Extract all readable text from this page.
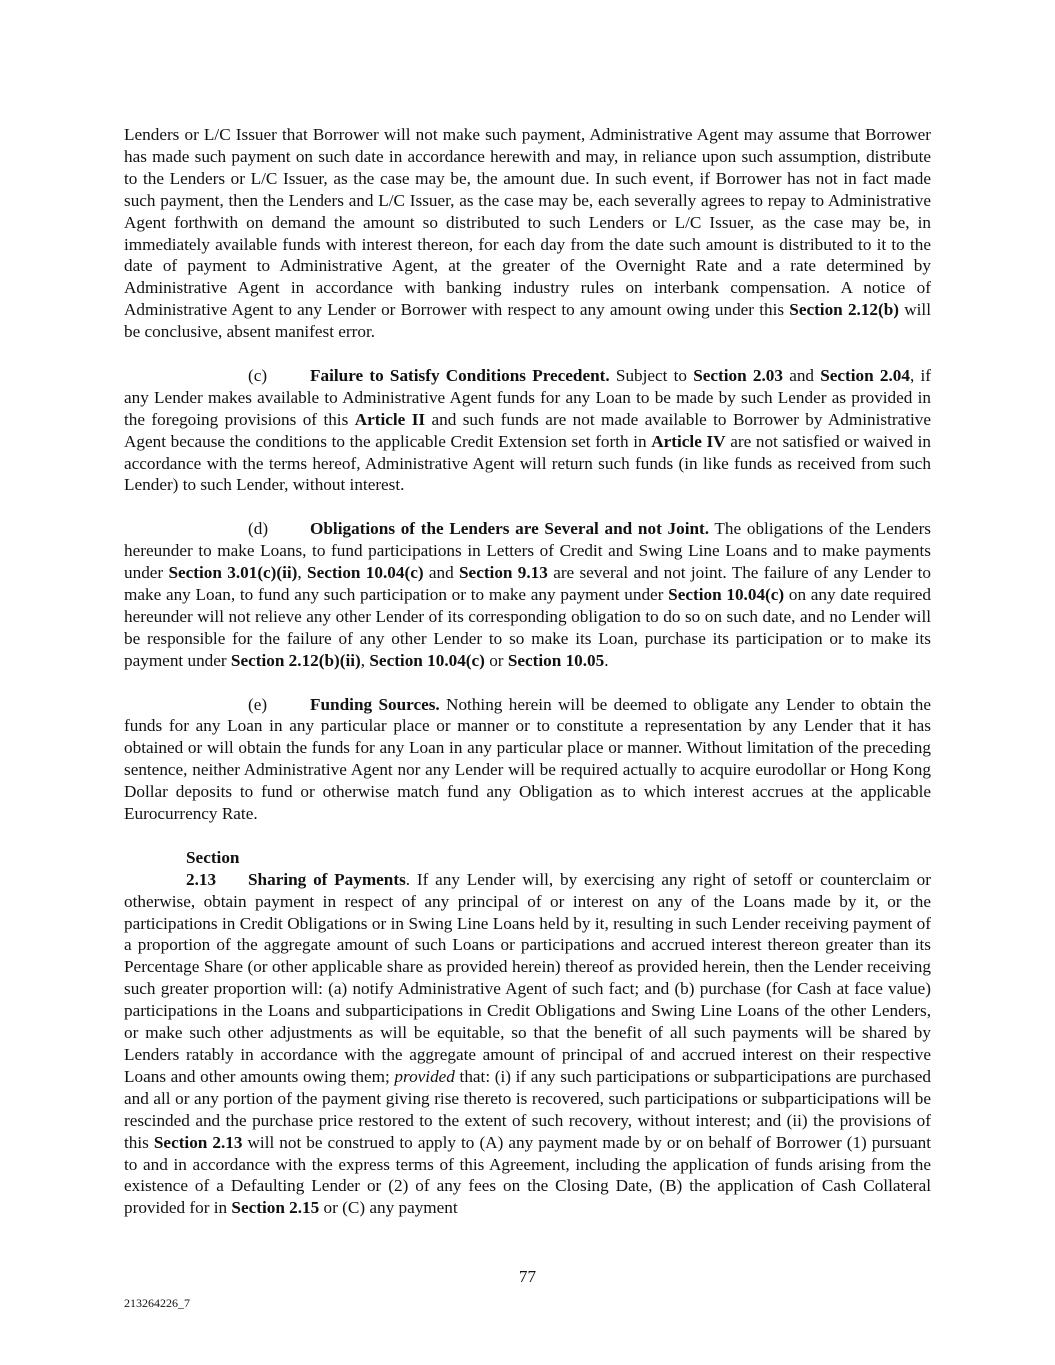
Lenders or L/C Issuer that Borrower will not make such payment, Administrative Agent may assume that Borrower has made such payment on such date in accordance herewith and may, in reliance upon such assumption, distribute to the Lenders or L/C Issuer, as the case may be, the amount due. In such event, if Borrower has not in fact made such payment, then the Lenders and L/C Issuer, as the case may be, each severally agrees to repay to Administrative Agent forthwith on demand the amount so distributed to such Lenders or L/C Issuer, as the case may be, in immediately available funds with interest thereon, for each day from the date such amount is distributed to it to the date of payment to Administrative Agent, at the greater of the Overnight Rate and a rate determined by Administrative Agent in accordance with banking industry rules on interbank compensation. A notice of Administrative Agent to any Lender or Borrower with respect to any amount owing under this Section 2.12(b) will be conclusive, absent manifest error.

(c) Failure to Satisfy Conditions Precedent. Subject to Section 2.03 and Section 2.04, if any Lender makes available to Administrative Agent funds for any Loan to be made by such Lender as provided in the foregoing provisions of this Article II and such funds are not made available to Borrower by Administrative Agent because the conditions to the applicable Credit Extension set forth in Article IV are not satisfied or waived in accordance with the terms hereof, Administrative Agent will return such funds (in like funds as received from such Lender) to such Lender, without interest.

(d) Obligations of the Lenders are Several and not Joint. The obligations of the Lenders hereunder to make Loans, to fund participations in Letters of Credit and Swing Line Loans and to make payments under Section 3.01(c)(ii), Section 10.04(c) and Section 9.13 are several and not joint. The failure of any Lender to make any Loan, to fund any such participation or to make any payment under Section 10.04(c) on any date required hereunder will not relieve any other Lender of its corresponding obligation to do so on such date, and no Lender will be responsible for the failure of any other Lender to so make its Loan, purchase its participation or to make its payment under Section 2.12(b)(ii), Section 10.04(c) or Section 10.05.

(e) Funding Sources. Nothing herein will be deemed to obligate any Lender to obtain the funds for any Loan in any particular place or manner or to constitute a representation by any Lender that it has obtained or will obtain the funds for any Loan in any particular place or manner. Without limitation of the preceding sentence, neither Administrative Agent nor any Lender will be required actually to acquire eurodollar or Hong Kong Dollar deposits to fund or otherwise match fund any Obligation as to which interest accrues at the applicable Eurocurrency Rate.

Section 2.13 Sharing of Payments. If any Lender will, by exercising any right of setoff or counterclaim or otherwise, obtain payment in respect of any principal of or interest on any of the Loans made by it, or the participations in Credit Obligations or in Swing Line Loans held by it, resulting in such Lender receiving payment of a proportion of the aggregate amount of such Loans or participations and accrued interest thereon greater than its Percentage Share (or other applicable share as provided herein) thereof as provided herein, then the Lender receiving such greater proportion will: (a) notify Administrative Agent of such fact; and (b) purchase (for Cash at face value) participations in the Loans and subparticipations in Credit Obligations and Swing Line Loans of the other Lenders, or make such other adjustments as will be equitable, so that the benefit of all such payments will be shared by Lenders ratably in accordance with the aggregate amount of principal of and accrued interest on their respective Loans and other amounts owing them; provided that: (i) if any such participations or subparticipations are purchased and all or any portion of the payment giving rise thereto is recovered, such participations or subparticipations will be rescinded and the purchase price restored to the extent of such recovery, without interest; and (ii) the provisions of this Section 2.13 will not be construed to apply to (A) any payment made by or on behalf of Borrower (1) pursuant to and in accordance with the express terms of this Agreement, including the application of funds arising from the existence of a Defaulting Lender or (2) of any fees on the Closing Date, (B) the application of Cash Collateral provided for in Section 2.15 or (C) any payment

77
213264226_7
